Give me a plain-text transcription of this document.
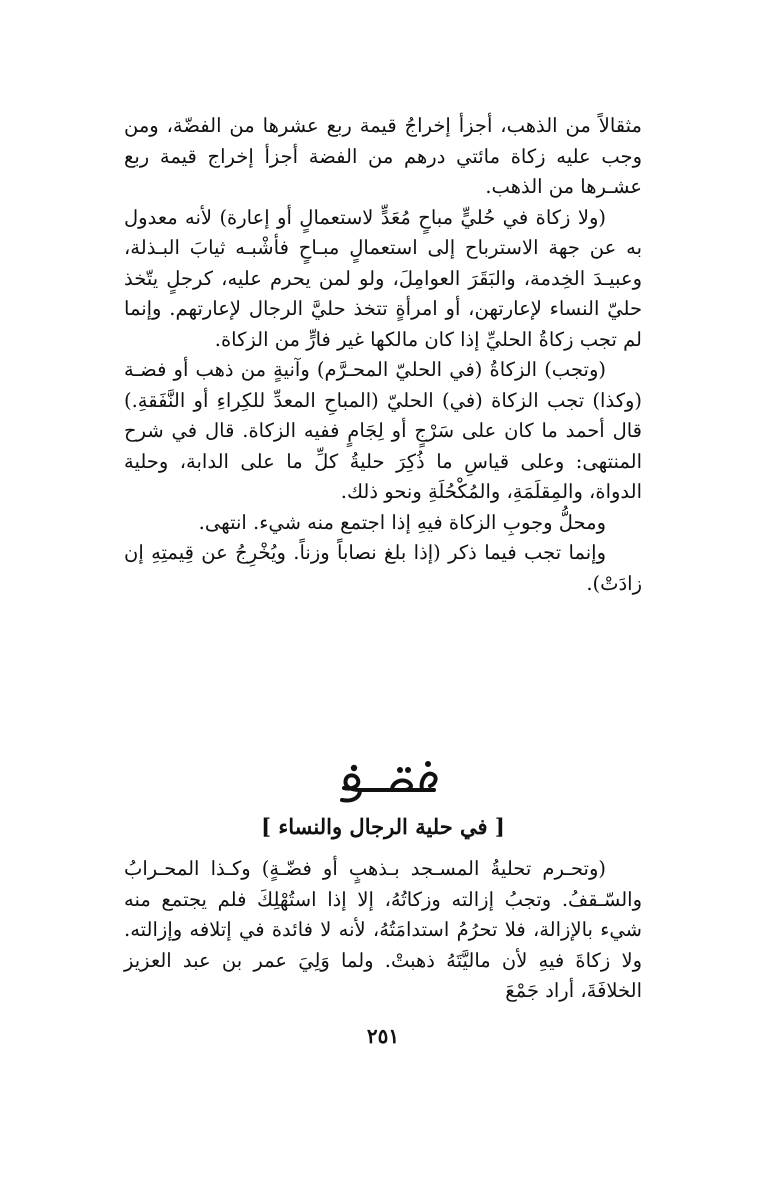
مثقالاً من الذهب، أجزأ إخراجُ قيمة ربع عشرها من الفضّة، ومن وجب عليه زكاة مائتي درهم من الفضة أجزأ إخراج قيمة ربع عشـرها من الذهب.

(ولا زكاة في حُليٍّ مباحٍ مُعَدٍّ لاستعمالٍ أو إعارة) لأنه معدول به عن جهة الاسترباح إلى استعمالٍ مبـاحٍ فأشْبـه ثيابَ البـذلة، وعبيـدَ الخِدمة، والبَقَرَ العوامِلَ، ولو لمن يحرم عليه، كرجلٍ يتّخذ حليّ النساء لإعارتهن، أو امرأةٍ تتخذ حليَّ الرجال لإعارتهم. وإنما لم تجب زكاةُ الحليِّ إذا كان مالكها غير فارٍّ من الزكاة.

(وتجب) الزكاةُ (في الحليّ المحـرَّم) وآنيةٍ من ذهب أو فضـة (وكذا) تجب الزكاة (في) الحليّ (المباحِ المعدِّ للكِراءِ أو النَّفَقةِ.) قال أحمد ما كان على سَرْجٍ أو لِجَامٍ ففيه الزكاة. قال في شرح المنتهى: وعلى قياسِ ما ذُكِرَ حليةُ كلِّ ما على الدابة، وحلية الدواة، والمِقلَمَةِ، والمُكْحُلَةِ ونحو ذلك.

ومحلُّ وجوبِ الزكاة فيهِ إذا اجتمع منه شيء. انتهى.

وإنما تجب فيما ذكر (إذا بلغ نصاباً وزناً. ويُخْرِجُ عن قِيمتِهِ إن زادَتْ).

[ في حلية الرجال والنساء ]

(وتحـرم تحليةُ المسـجد بـذهبٍ أو فضّـةٍ) وكـذا المحـرابُ والسّـقفُ. وتجبُ إزالته وزكاتُهُ، إلا إذا استُهْلِكَ فلم يجتمع منه شيء بالإزالة، فلا تحرُمُ استدامَتُهُ، لأنه لا فائدة في إتلافه وإزالته. ولا زكاةَ فيهِ لأن ماليَّتَهُ ذهبتْ. ولما وَلِيَ عمر بن عبد العزيز الخلافَةَ، أراد جَمْعَ

٢٥١
